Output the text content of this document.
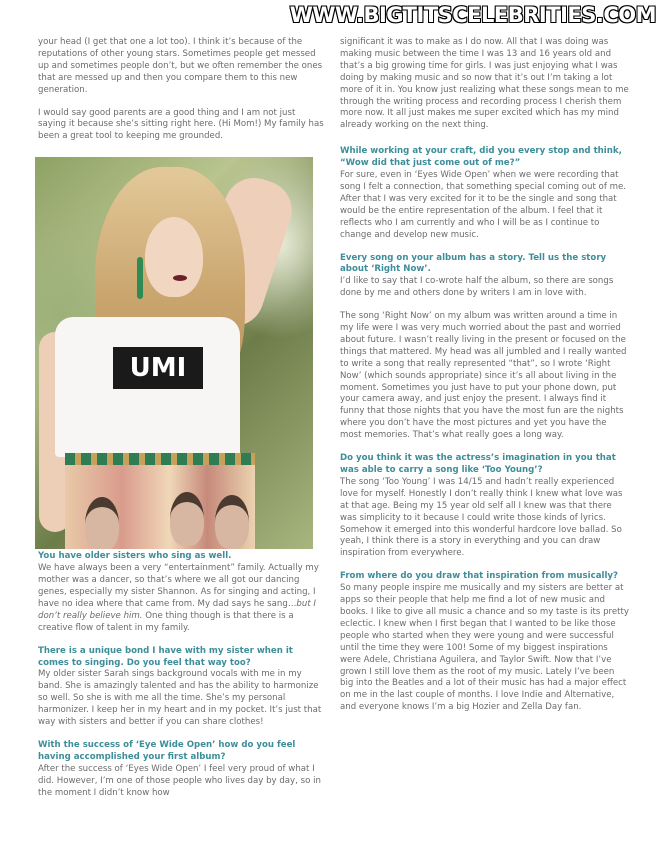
WWW.BIGTITSCELEBRITIES.COM

your head (I get that one a lot too). I think it’s because of the reputations of other young stars. Sometimes people get messed up and sometimes people don’t, but we often remember the ones that are messed up and then you compare them to this new generation.

I would say good parents are a good thing and I am not just saying it because she’s sitting right here. (Hi Mom!) My family has been a great tool to keeping me grounded.

UMI

You have older sisters who sing as well.

We have always been a very “entertainment” family. Actually my mother was a dancer, so that’s where we all got our dancing genes, especially my sister Shannon. As for singing and acting, I have no idea where that came from. My dad says he sang…but I don’t really believe him. One thing though is that there is a creative flow of talent in my family.

There is a unique bond I have with my sister when it comes to singing. Do you feel that way too?

My older sister Sarah sings background vocals with me in my band. She is amazingly talented and has the ability to harmonize so well. So she is with me all the time. She’s my personal harmonizer. I keep her in my heart and in my pocket. It’s just that way with sisters and better if you can share clothes!

With the success of ‘Eye Wide Open’ how do you feel having accomplished your first album?

After the success of ‘Eyes Wide Open’ I feel very proud of what I did. However, I’m one of those people who lives day by day, so in the moment I didn’t know how

significant it was to make as I do now. All that I was doing was making music between the time I was 13 and 16 years old and that’s a big growing time for girls. I was just enjoying what I was doing by making music and so now that it’s out I’m taking a lot more of it in. You know just realizing what these songs mean to me through the writing process and recording process I cherish them more now. It all just makes me super excited which has my mind already working on the next thing.

While working at your craft, did you every stop and think, “Wow did that just come out of me?”

For sure, even in ‘Eyes Wide Open’ when we were recording that song I felt a connection, that something special coming out of me. After that I was very excited for it to be the single and song that would be the entire representation of the album. I feel that it reflects who I am currently and who I will be as I continue to change and develop new music.

Every song on your album has a story. Tell us the story about ‘Right Now’.

I’d like to say that I co-wrote half the album, so there are songs done by me and others done by writers I am in love with.

The song ‘Right Now’ on my album was written around a time in my life were I was very much worried about the past and worried about future. I wasn’t really living in the present or focused on the things that mattered. My head was all jumbled and I really wanted to write a song that really represented “that”, so I wrote ‘Right Now’ (which sounds appropriate) since it’s all about living in the moment. Sometimes you just have to put your phone down, put your camera away, and just enjoy the present. I always find it funny that those nights that you have the most fun are the nights where you don’t have the most pictures and yet you have the most memories. That’s what really goes a long way.

Do you think it was the actress’s imagination in you that was able to carry a song like ‘Too Young’?

The song ‘Too Young’ I was 14/15 and hadn’t really experienced love for myself. Honestly I don’t really think I knew what love was at that age. Being my 15 year old self all I knew was that there was simplicity to it because I could write those kinds of lyrics. Somehow it emerged into this wonderful hardcore love ballad. So yeah, I think there is a story in everything and you can draw inspiration from everywhere.

From where do you draw that inspiration from musically?

So many people inspire me musically and my sisters are better at apps so their people that help me find a lot of new music and books. I like to give all music a chance and so my taste is its pretty eclectic. I knew when I first began that I wanted to be like those people who started when they were young and were successful until the time they were 100! Some of my biggest inspirations were Adele, Christiana Aguilera, and Taylor Swift. Now that I’ve grown I still love them as the root of my music. Lately I’ve been big into the Beatles and a lot of their music has had a major effect on me in the last couple of months. I love Indie and Alternative, and everyone knows I’m a big Hozier and Zella Day fan.
